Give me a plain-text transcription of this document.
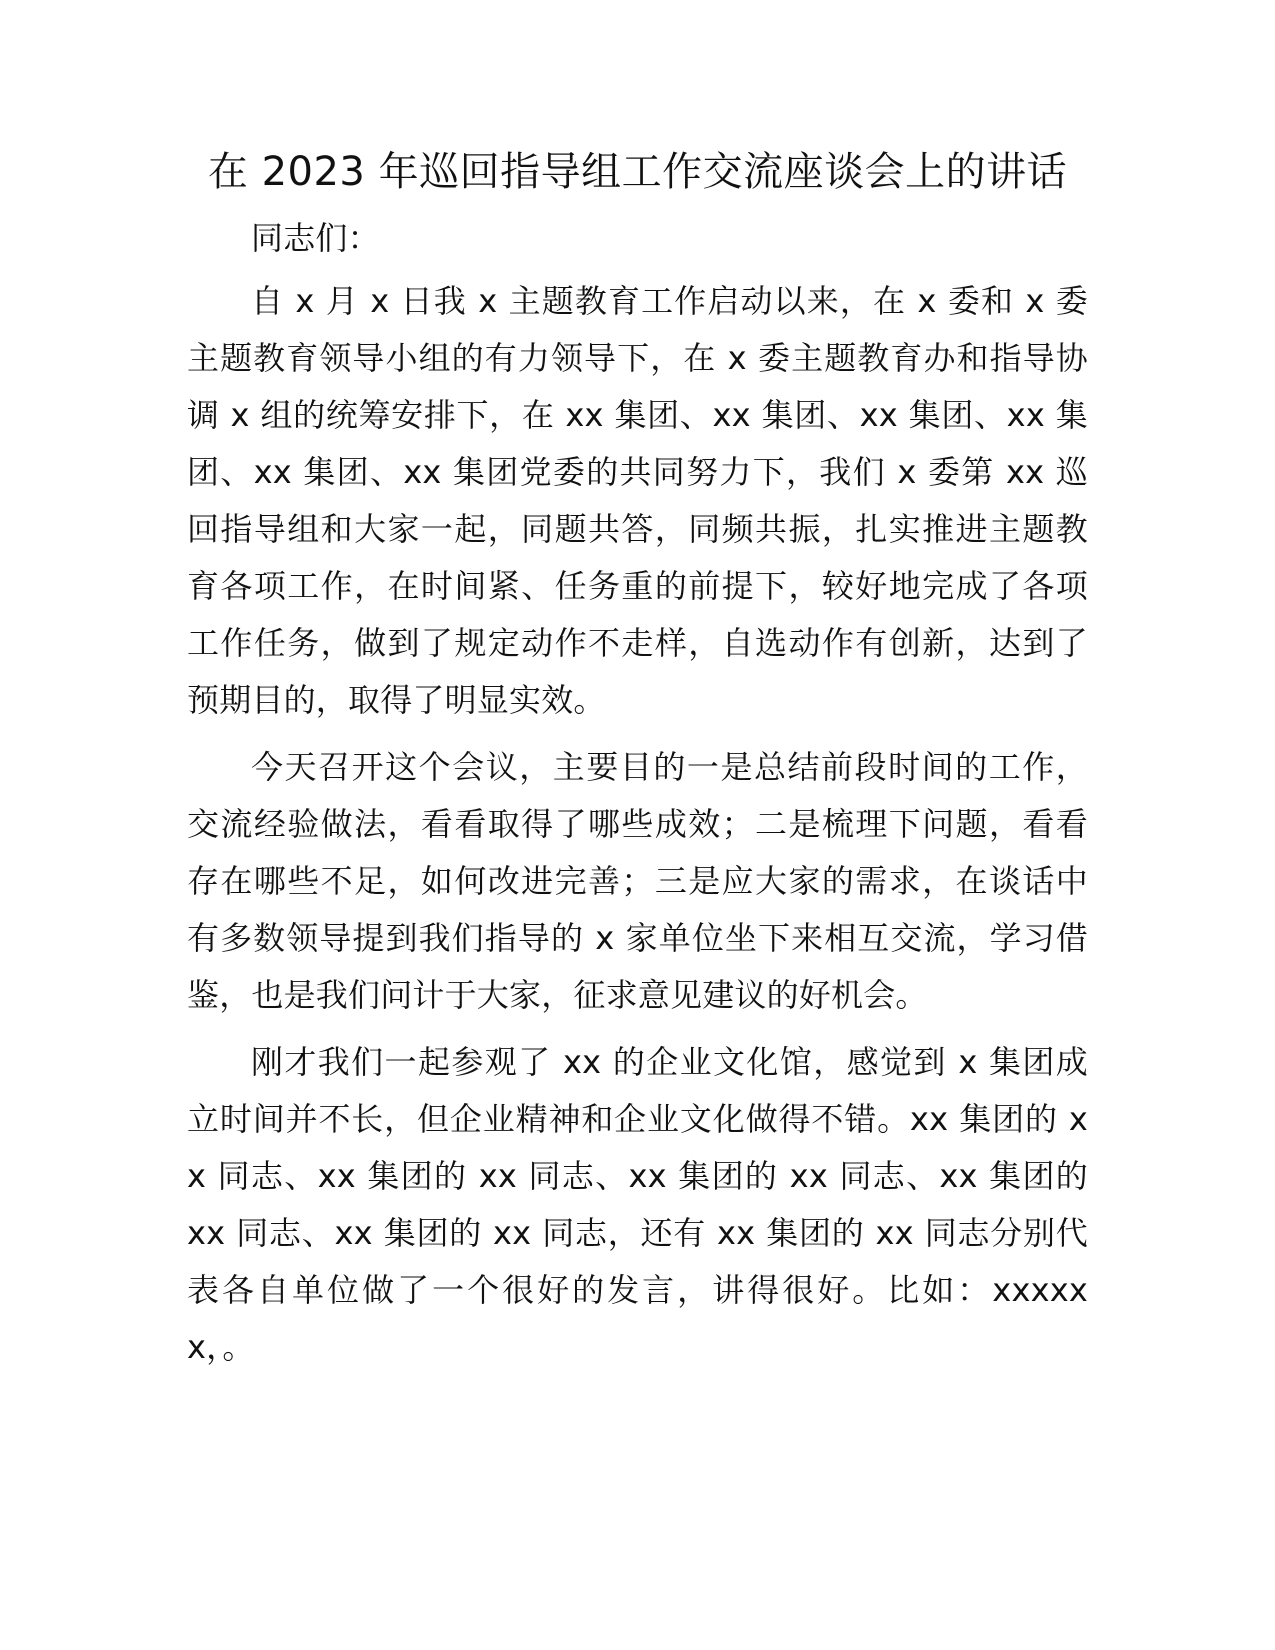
在 2023 年巡回指导组工作交流座谈会上的讲话

同志们：

自 x 月 x 日我 x 主题教育工作启动以来，在 x 委和 x 委主题教育领导小组的有力领导下，在 x 委主题教育办和指导协调 x 组的统筹安排下，在 xx 集团、xx 集团、xx 集团、xx 集团、xx 集团、xx 集团党委的共同努力下，我们 x 委第 xx 巡回指导组和大家一起，同题共答，同频共振，扎实推进主题教育各项工作，在时间紧、任务重的前提下，较好地完成了各项工作任务，做到了规定动作不走样，自选动作有创新，达到了预期目的，取得了明显实效。

今天召开这个会议，主要目的一是总结前段时间的工作，交流经验做法，看看取得了哪些成效；二是梳理下问题，看看存在哪些不足，如何改进完善；三是应大家的需求，在谈话中有多数领导提到我们指导的 x 家单位坐下来相互交流，学习借鉴，也是我们问计于大家，征求意见建议的好机会。

刚才我们一起参观了 xx 的企业文化馆，感觉到 x 集团成立时间并不长，但企业精神和企业文化做得不错。xx 集团的 xx 同志、xx 集团的 xx 同志、xx 集团的 xx 同志、xx 集团的 xx 同志、xx 集团的 xx 同志，还有 xx 集团的 xx 同志分别代表各自单位做了一个很好的发言，讲得很好。比如：xxxxxx，。
